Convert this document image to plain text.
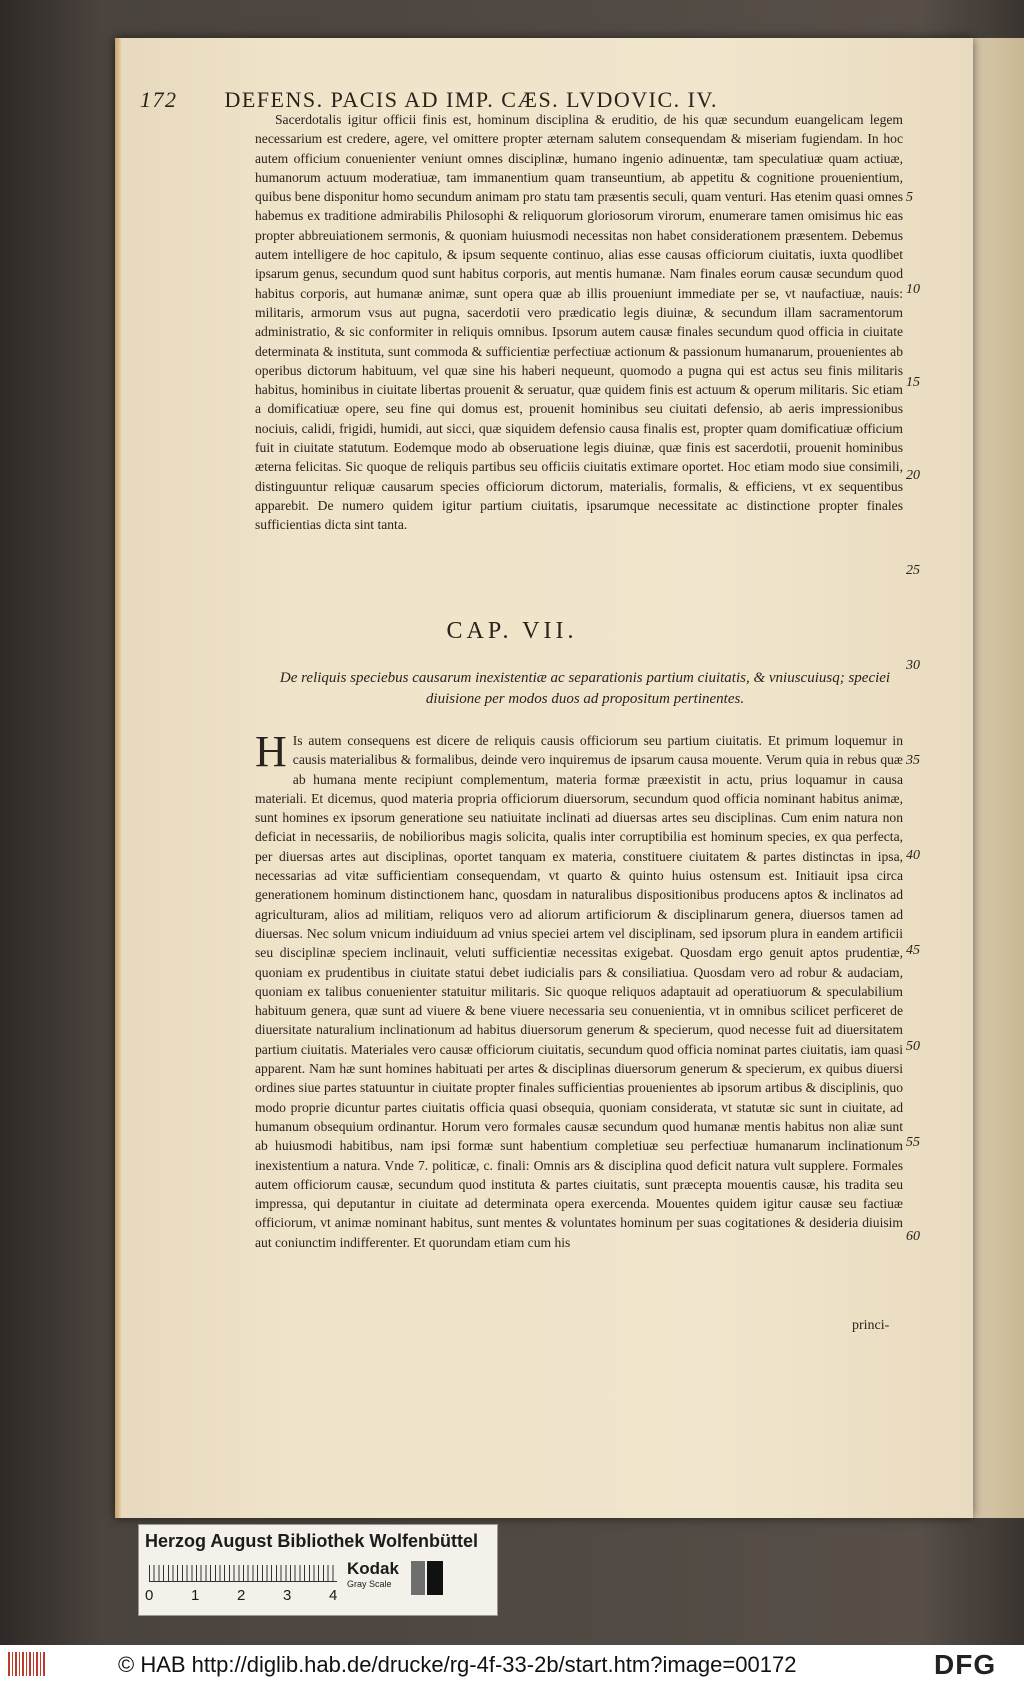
172 DEFENS. PACIS AD IMP. CÆS. LVDOVIC. IV.

Sacerdotalis igitur officii finis est, hominum disciplina & eruditio, de his quæ secundum euangelicam legem necessarium est credere, agere, vel omittere propter æternam salutem consequendam & miseriam fugiendam. In hoc autem officium conuenienter veniunt omnes disciplinæ, humano ingenio adinuentæ, tam speculatiuæ quam actiuæ, humanorum actuum moderatiuæ, tam immanentium quam transeuntium, ab appetitu & cognitione prouenientium, quibus bene disponitur homo secundum animam pro statu tam præsentis seculi, quam venturi. Has etenim quasi omnes habemus ex traditione admirabilis Philosophi & reliquorum gloriosorum virorum, enumerare tamen omisimus hic eas propter abbreuiationem sermonis, & quoniam huiusmodi necessitas non habet considerationem præsentem. Debemus autem intelligere de hoc capitulo, & ipsum sequente continuo, alias esse causas officiorum ciuitatis, iuxta quodlibet ipsarum genus, secundum quod sunt habitus corporis, aut mentis humanæ. Nam finales eorum causæ secundum quod habitus corporis, aut humanæ animæ, sunt opera quæ ab illis proueniunt immediate per se, vt naufactiuæ, nauis: militaris, armorum vsus aut pugna, sacerdotii vero prædicatio legis diuinæ, & secundum illam sacramentorum administratio, & sic conformiter in reliquis omnibus. Ipsorum autem causæ finales secundum quod officia in ciuitate determinata & instituta, sunt commoda & sufficientiæ perfectiuæ actionum & passionum humanarum, prouenientes ab operibus dictorum habituum, vel quæ sine his haberi nequeunt, quomodo a pugna qui est actus seu finis militaris habitus, hominibus in ciuitate libertas prouenit & seruatur, quæ quidem finis est actuum & operum militaris. Sic etiam a domificatiuæ opere, seu fine qui domus est, prouenit hominibus seu ciuitati defensio, ab aeris impressionibus nociuis, calidi, frigidi, humidi, aut sicci, quæ siquidem defensio causa finalis est, propter quam domificatiuæ officium fuit in ciuitate statutum. Eodemque modo ab obseruatione legis diuinæ, quæ finis est sacerdotii, prouenit hominibus æterna felicitas. Sic quoque de reliquis partibus seu officiis ciuitatis extimare oportet. Hoc etiam modo siue consimili, distinguuntur reliquæ causarum species officiorum dictorum, materialis, formalis, & efficiens, vt ex sequentibus apparebit. De numero quidem igitur partium ciuitatis, ipsarumque necessitate ac distinctione propter finales sufficientias dicta sint tanta.

CAP. VII.
De reliquis speciebus causarum inexistentiæ ac separationis partium ciuitatis, & vniuscuiusq; speciei diuisione per modos duos ad propositum pertinentes.

H Is autem consequens est dicere de reliquis causis officiorum seu partium ciuitatis. Et primum loquemur in causis materialibus & formalibus, deinde vero inquiremus de ipsarum causa mouente. Verum quia in rebus quæ ab humana mente recipiunt complementum, materia formæ præexistit in actu, prius loquamur in causa materiali. Et dicemus, quod materia propria officiorum diuersorum, secundum quod officia nominant habitus animæ, sunt homines ex ipsorum generatione seu natiuitate inclinati ad diuersas artes seu disciplinas. Cum enim natura non deficiat in necessariis, de nobilioribus magis solicita, qualis inter corruptibilia est hominum species, ex qua perfecta, per diuersas artes aut disciplinas, oportet tanquam ex materia, constituere ciuitatem & partes distinctas in ipsa, necessarias ad vitæ sufficientiam consequendam, vt quarto & quinto huius ostensum est. Initiauit ipsa circa generationem hominum distinctionem hanc, quosdam in naturalibus dispositionibus producens aptos & inclinatos ad agriculturam, alios ad militiam, reliquos vero ad aliorum artificiorum & disciplinarum genera, diuersos tamen ad diuersas. Nec solum vnicum indiuiduum ad vnius speciei artem vel disciplinam, sed ipsorum plura in eandem artificii seu disciplinæ speciem inclinauit, veluti sufficientiæ necessitas exigebat. Quosdam ergo genuit aptos prudentiæ, quoniam ex prudentibus in ciuitate statui debet iudicialis pars & consiliatiua. Quosdam vero ad robur & audaciam, quoniam ex talibus conuenienter statuitur militaris. Sic quoque reliquos adaptauit ad operatiuorum & speculabilium habituum genera, quæ sunt ad viuere & bene viuere necessaria seu conuenientia, vt in omnibus scilicet perficeret de diuersitate naturalium inclinationum ad habitus diuersorum generum & specierum, quod necesse fuit ad diuersitatem partium ciuitatis. Materiales vero causæ officiorum ciuitatis, secundum quod officia nominat partes ciuitatis, iam quasi apparent. Nam hæ sunt homines habituati per artes & disciplinas diuersorum generum & specierum, ex quibus diuersi ordines siue partes statuuntur in ciuitate propter finales sufficientias prouenientes ab ipsorum artibus & disciplinis, quo modo proprie dicuntur partes ciuitatis officia quasi obsequia, quoniam considerata, vt statutæ sic sunt in ciuitate, ad humanum obsequium ordinantur. Horum vero formales causæ secundum quod humanæ mentis habitus non aliæ sunt ab huiusmodi habitibus, nam ipsi formæ sunt habentium completiuæ seu perfectiuæ humanarum inclinationum inexistentium a natura. Vnde 7. politicæ, c. finali: Omnis ars & disciplina quod deficit natura vult supplere. Formales autem officiorum causæ, secundum quod instituta & partes ciuitatis, sunt præcepta mouentis causæ, his tradita seu impressa, qui deputantur in ciuitate ad determinata opera exercenda. Mouentes quidem igitur causæ seu factiuæ officiorum, vt animæ nominant habitus, sunt mentes & voluntates hominum per suas cogitationes & desideria diuisim aut coniunctim indifferenter. Et quorundam etiam cum his

5
10
15
20
25
30
35
40
45
50
55
60
princi-
Herzog August Bibliothek Wolfenbüttel
0	1	2	3	4
Kodak
Gray Scale
© HAB http://diglib.hab.de/drucke/rg-4f-33-2b/start.htm?image=00172	DFG
